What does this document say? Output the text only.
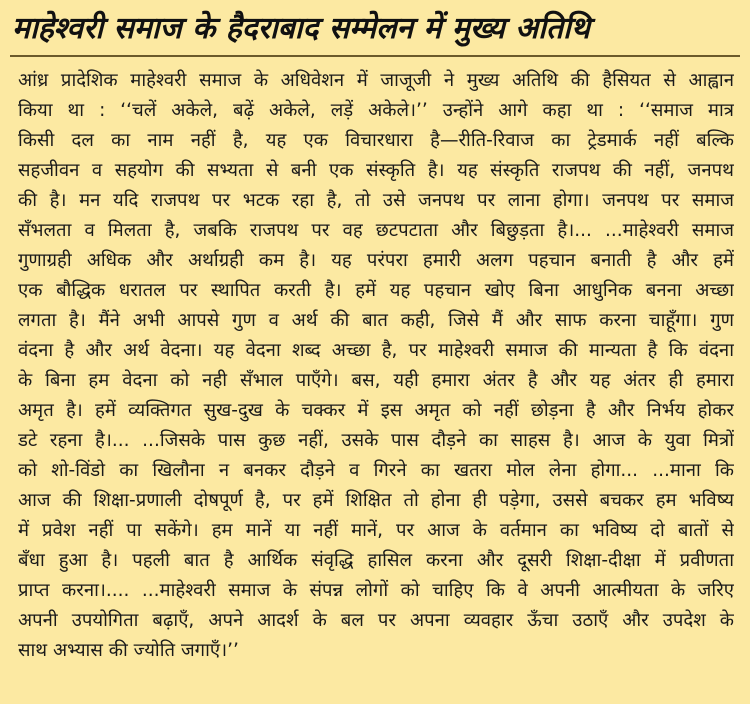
माहेश्वरी समाज के हैदराबाद सम्मेलन में मुख्य अतिथि
आंध्र प्रादेशिक माहेश्वरी समाज के अधिवेशन में जाजूजी ने मुख्य अतिथि की हैसियत से आह्वान
किया था : ‘‘चलें अकेले, बढ़ें अकेले, लड़ें अकेले।’’ उन्होंने आगे कहा था : ‘‘समाज मात्र
किसी दल का नाम नहीं है, यह एक विचारधारा है—रीति-रिवाज का ट्रेडमार्क नहीं बल्कि
सहजीवन व सहयोग की सभ्यता से बनी एक संस्कृति है। यह संस्कृति राजपथ की नहीं, जनपथ
की है। मन यदि राजपथ पर भटक रहा है, तो उसे जनपथ पर लाना होगा। जनपथ पर समाज
सँभलता व मिलता है, जबकि राजपथ पर वह छटपटाता और बिछुड़ता है।... ...माहेश्वरी समाज
गुणाग्रही अधिक और अर्थाग्रही कम है। यह परंपरा हमारी अलग पहचान बनाती है और हमें
एक बौद्धिक धरातल पर स्थापित करती है। हमें यह पहचान खोए बिना आधुनिक बनना अच्छा
लगता है। मैंने अभी आपसे गुण व अर्थ की बात कही, जिसे मैं और साफ करना चाहूँगा। गुण
वंदना है और अर्थ वेदना। यह वेदना शब्द अच्छा है, पर माहेश्वरी समाज की मान्यता है कि वंदना
के बिना हम वेदना को नही सँभाल पाएँगे। बस, यही हमारा अंतर है और यह अंतर ही हमारा
अमृत है। हमें व्यक्तिगत सुख-दुख के चक्कर में इस अमृत को नहीं छोड़ना है और निर्भय होकर
डटे रहना है।... ...जिसके पास कुछ नहीं, उसके पास दौड़ने का साहस है। आज के युवा मित्रों
को शो-विंडो का खिलौना न बनकर दौड़ने व गिरने का खतरा मोल लेना होगा... ...माना कि
आज की शिक्षा-प्रणाली दोषपूर्ण है, पर हमें शिक्षित तो होना ही पड़ेगा, उससे बचकर हम भविष्य
में प्रवेश नहीं पा सकेंगे। हम मानें या नहीं मानें, पर आज के वर्तमान का भविष्य दो बातों से
बँधा हुआ है। पहली बात है आर्थिक संवृद्धि हासिल करना और दूसरी शिक्षा-दीक्षा में प्रवीणता
प्राप्त करना।.... ...माहेश्वरी समाज के संपन्न लोगों को चाहिए कि वे अपनी आत्मीयता के जरिए
अपनी उपयोगिता बढ़ाएँ, अपने आदर्श के बल पर अपना व्यवहार ऊँचा उठाएँ और उपदेश के
साथ अभ्यास की ज्योति जगाएँ।’’
